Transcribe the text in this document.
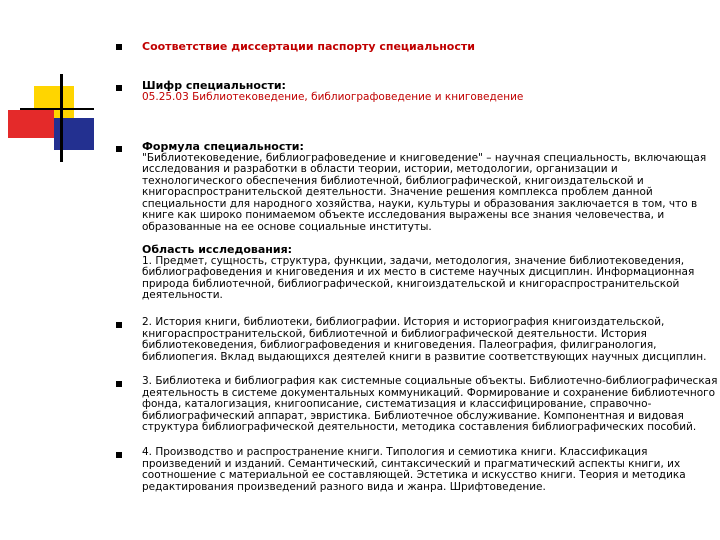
Соответствие диссертации паспорту специальности
Шифр специальности:
05.25.03 Библиотековедение, библиографоведение и книговедение
Формула специальности:
"Библиотековедение, библиографоведение и книговедение" – научная специальность, включающая
исследования и разработки в области теории, истории, методологии, организации и
технологического обеспечения библиотечной, библиографической, книгоиздательской и
книгораспространительской деятельности. Значение решения комплекса проблем данной
специальности для народного хозяйства, науки, культуры и образования заключается в том, что в
книге как широко понимаемом объекте исследования выражены все знания человечества, и
образованные на ее основе социальные институты.
Область исследования:
1. Предмет, сущность, структура, функции, задачи, методология, значение библиотековедения,
библиографоведения и книговедения и их место в системе научных дисциплин. Информационная
природа библиотечной, библиографической, книгоиздательской и книгораспространительской
деятельности.
2. История книги, библиотеки, библиографии. История и историография книгоиздательской,
книгораспространительской, библиотечной и библиографической деятельности. История
библиотековедения, библиографоведения и книговедения. Палеография, филигранология,
библиопегия. Вклад выдающихся деятелей книги в развитие соответствующих научных дисциплин.
3. Библиотека и библиография как системные социальные объекты. Библиотечно-библиографическая
деятельность в системе документальных коммуникаций. Формирование и сохранение библиотечного
фонда, каталогизация, книгоописание, систематизация и классифицирование, справочно-
библиографический аппарат, эвристика. Библиотечное обслуживание. Компонентная и видовая
структура библиографической деятельности, методика составления библиографических пособий.
4. Производство и распространение книги. Типология и семиотика книги. Классификация
произведений и изданий. Семантический, синтаксический и прагматический аспекты книги, их
соотношение с материальной ее составляющей. Эстетика и искусство книги. Теория и методика
редактирования произведений разного вида и жанра. Шрифтоведение.
